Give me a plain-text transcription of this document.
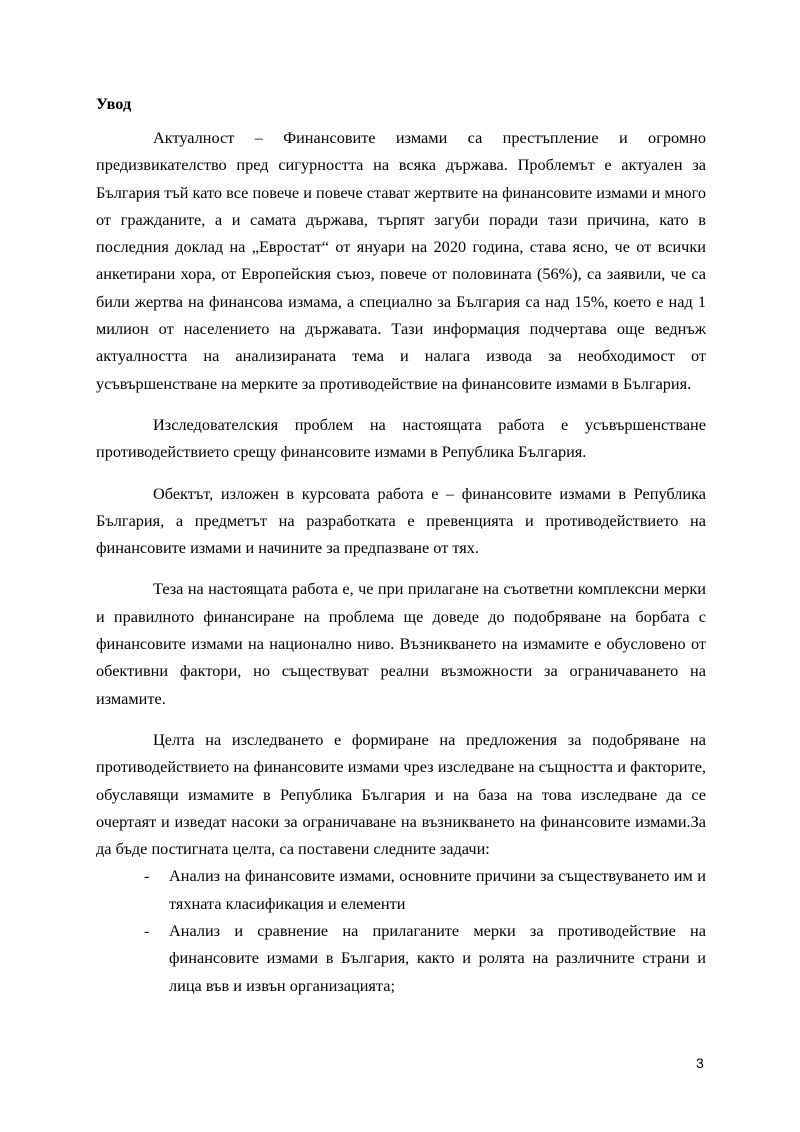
Увод

Актуалност – Финансовите измами са престъпление и огромно предизвикателство пред сигурността на всяка държава. Проблемът е актуален за България тъй като все повече и повече стават жертвите на финансовите измами и много от гражданите, а и самата държава, търпят загуби поради тази причина, като в последния доклад на „Евростат“ от януари на 2020 година, става ясно, че от всички анкетирани хора, от Европейския съюз, повече от половината (56%), са заявили, че са били жертва на финансова измама, а специално за България са над 15%, което е над 1 милион от населението на държавата. Тази информация подчертава още веднъж актуалността на анализираната тема и налага извода за необходимост от усъвършенстване на мерките за противодействие на финансовите измами в България.

Изследователския проблем на настоящата работа е усъвършенстване противодействието срещу финансовите измами в Република България.

Обектът, изложен в курсовата работа е – финансовите измами в Република България, а предметът на разработката е превенцията и противодействието на финансовите измами и начините за предпазване от тях.

Теза на настоящата работа е, че при прилагане на съответни комплексни мерки и правилното финансиране на проблема ще доведе до подобряване на борбата с финансовите измами на национално ниво. Възникването на измамите е обусловено от обективни фактори, но съществуват реални възможности за ограничаването на измамите.

Целта на изследването е формиране на предложения за подобряване на противодействието на финансовите измами чрез изследване на същността и факторите, обуславящи измамите в Република България и на база на това изследване да се очертаят и изведат насоки за ограничаване на възникването на финансовите измами.За да бъде постигната целта, са поставени следните задачи:

- Анализ на финансовите измами, основните причини за съществуването им и тяхната класификация и елементи
- Анализ и сравнение на прилаганите мерки за противодействие на финансовите измами в България, както и ролята на различните страни и лица във и извън организацията;
3
